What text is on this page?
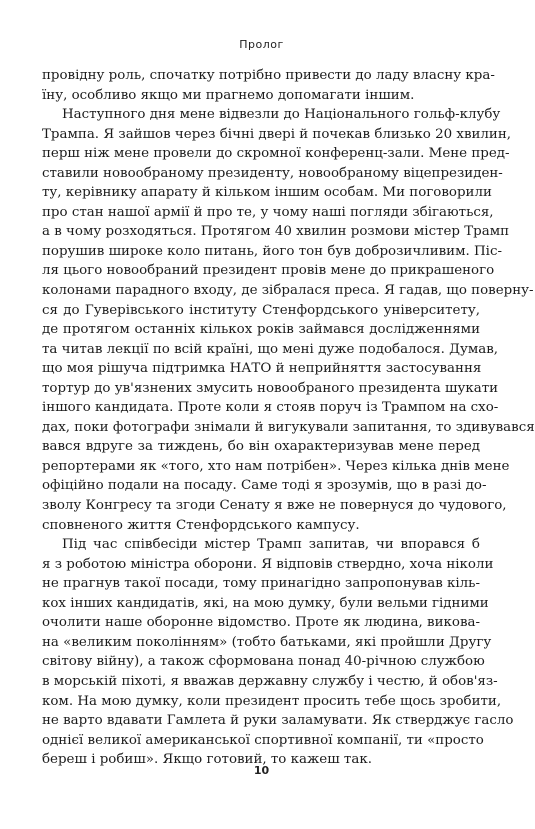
Пролог
провідну роль, спочатку потрібно привести до ладу власну кра-
їну, особливо якщо ми прагнемо допомагати іншим.
Наступного дня мене відвезли до Національного гольф-клубу
Трампа. Я зайшов через бічні двері й почекав близько 20 хвилин,
перш ніж мене провели до скромної конференц-зали. Мене пред-
ставили новообраному президенту, новообраному віцепрезиден-
ту, керівнику апарату й кільком іншим особам. Ми поговорили
про стан нашої армії й про те, у чому наші погляди збігаються,
а в чому розходяться. Протягом 40 хвилин розмови містер Трамп
порушив широке коло питань, його тон був доброзичливим. Піс-
ля цього новообраний президент провів мене до прикрашеного
колонами парадного входу, де зібралася преса. Я гадав, що поверну-
ся до Гуверівського інституту Стенфордського університету,
де протягом останніх кількох років займався дослідженнями
та читав лекції по всій країні, що мені дуже подобалося. Думав,
що моя рішуча підтримка НАТО й неприйняття застосування
тортур до ув'язнених змусить новообраного президента шукати
іншого кандидата. Проте коли я стояв поруч із Трампом на схо-
дах, поки фотографи знімали й вигукували запитання, то здивувався
вався вдруге за тиждень, бо він охарактеризував мене перед
репортерами як «того, хто нам потрібен». Через кілька днів мене
офіційно подали на посаду. Саме тоді я зрозумів, що в разі до-
зволу Конгресу та згоди Сенату я вже не повернуся до чудового,
сповненого життя Стенфордського кампусу.
Під час співбесіди містер Трамп запитав, чи впорався б
я з роботою міністра оборони. Я відповів ствердно, хоча ніколи
не прагнув такої посади, тому принагідно запропонував кіль-
кох інших кандидатів, які, на мою думку, були вельми гідними
очолити наше оборонне відомство. Проте як людина, викова-
на «великим поколінням» (тобто батьками, які пройшли Другу
світову війну), а також сформована понад 40-річною службою
в морській піхоті, я вважав державну службу і честю, й обов'яз-
ком. На мою думку, коли президент просить тебе щось зробити,
не варто вдавати Гамлета й руки заламувати. Як стверджує гасло
однієї великої американської спортивної компанії, ти «просто
береш і робиш». Якщо готовий, то кажеш так.
10
